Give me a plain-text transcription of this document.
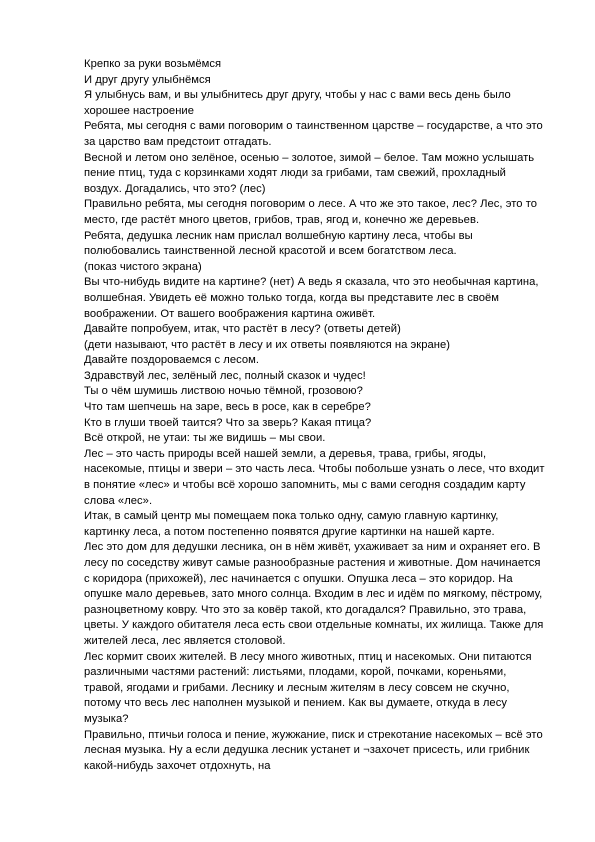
Крепко за руки возьмёмся

И друг другу улыбнёмся

Я улыбнусь вам, и вы улыбнитесь друг другу, чтобы у нас с вами весь день было хорошее настроение

Ребята, мы сегодня с вами поговорим о таинственном царстве – государстве, а что это за царство вам предстоит отгадать.

Весной и летом оно зелёное, осенью – золотое, зимой – белое. Там можно услышать пение птиц, туда с корзинками ходят люди за грибами, там свежий, прохладный воздух. Догадались, что это? (лес)

Правильно ребята, мы сегодня поговорим о лесе. А что же это такое, лес? Лес, это то место, где растёт много цветов, грибов, трав, ягод и, конечно же деревьев.

Ребята, дедушка лесник нам прислал волшебную картину леса, чтобы вы полюбовались таинственной лесной красотой и всем богатством леса.

(показ чистого экрана)

Вы что-нибудь видите на картине? (нет) А ведь я сказала, что это необычная картина, волшебная. Увидеть её можно только тогда, когда вы представите лес в своём воображении. От вашего воображения картина оживёт.

Давайте попробуем, итак, что растёт в лесу? (ответы детей)

(дети называют, что растёт в лесу и их ответы появляются на экране)

Давайте поздороваемся с лесом.

Здравствуй лес, зелёный лес, полный сказок и чудес!

Ты о чём шумишь листвою ночью тёмной, грозовою?

Что там шепчешь на заре, весь в росе, как в серебре?

Кто в глуши твоей таится? Что за зверь? Какая птица?

Всё открой, не утаи: ты же видишь – мы свои.

Лес – это часть природы всей нашей земли, а деревья, трава, грибы, ягоды, насекомые, птицы и звери – это часть леса. Чтобы побольше узнать о лесе, что входит в понятие «лес» и чтобы всё хорошо запомнить, мы с вами сегодня создадим карту слова «лес».

Итак, в самый центр мы помещаем пока только одну, самую главную картинку, картинку леса, а потом постепенно появятся другие картинки на нашей карте.

Лес это дом для дедушки лесника, он в нём живёт, ухаживает за ним и охраняет его. В лесу по соседству живут самые разнообразные растения и животные. Дом начинается с коридора (прихожей), лес начинается с опушки. Опушка леса – это коридор. На опушке мало деревьев, зато много солнца. Входим в лес и идём по мягкому, пёстрому, разноцветному ковру. Что это за ковёр такой, кто догадался? Правильно, это трава, цветы. У каждого обитателя леса есть свои отдельные комнаты, их жилища. Также для жителей леса, лес является столовой.

Лес кормит своих жителей. В лесу много животных, птиц и насекомых. Они питаются различными частями растений: листьями, плодами, корой, почками, кореньями, травой, ягодами и грибами. Леснику и лесным жителям в лесу совсем не скучно, потому что весь лес наполнен музыкой и пением. Как вы думаете, откуда в лесу музыка?

Правильно, птичьи голоса и пение, жужжание, писк и стрекотание насекомых – всё это лесная музыка. Ну а если дедушка лесник устанет и ¬захочет присесть, или грибник какой-нибудь захочет отдохнуть, на
